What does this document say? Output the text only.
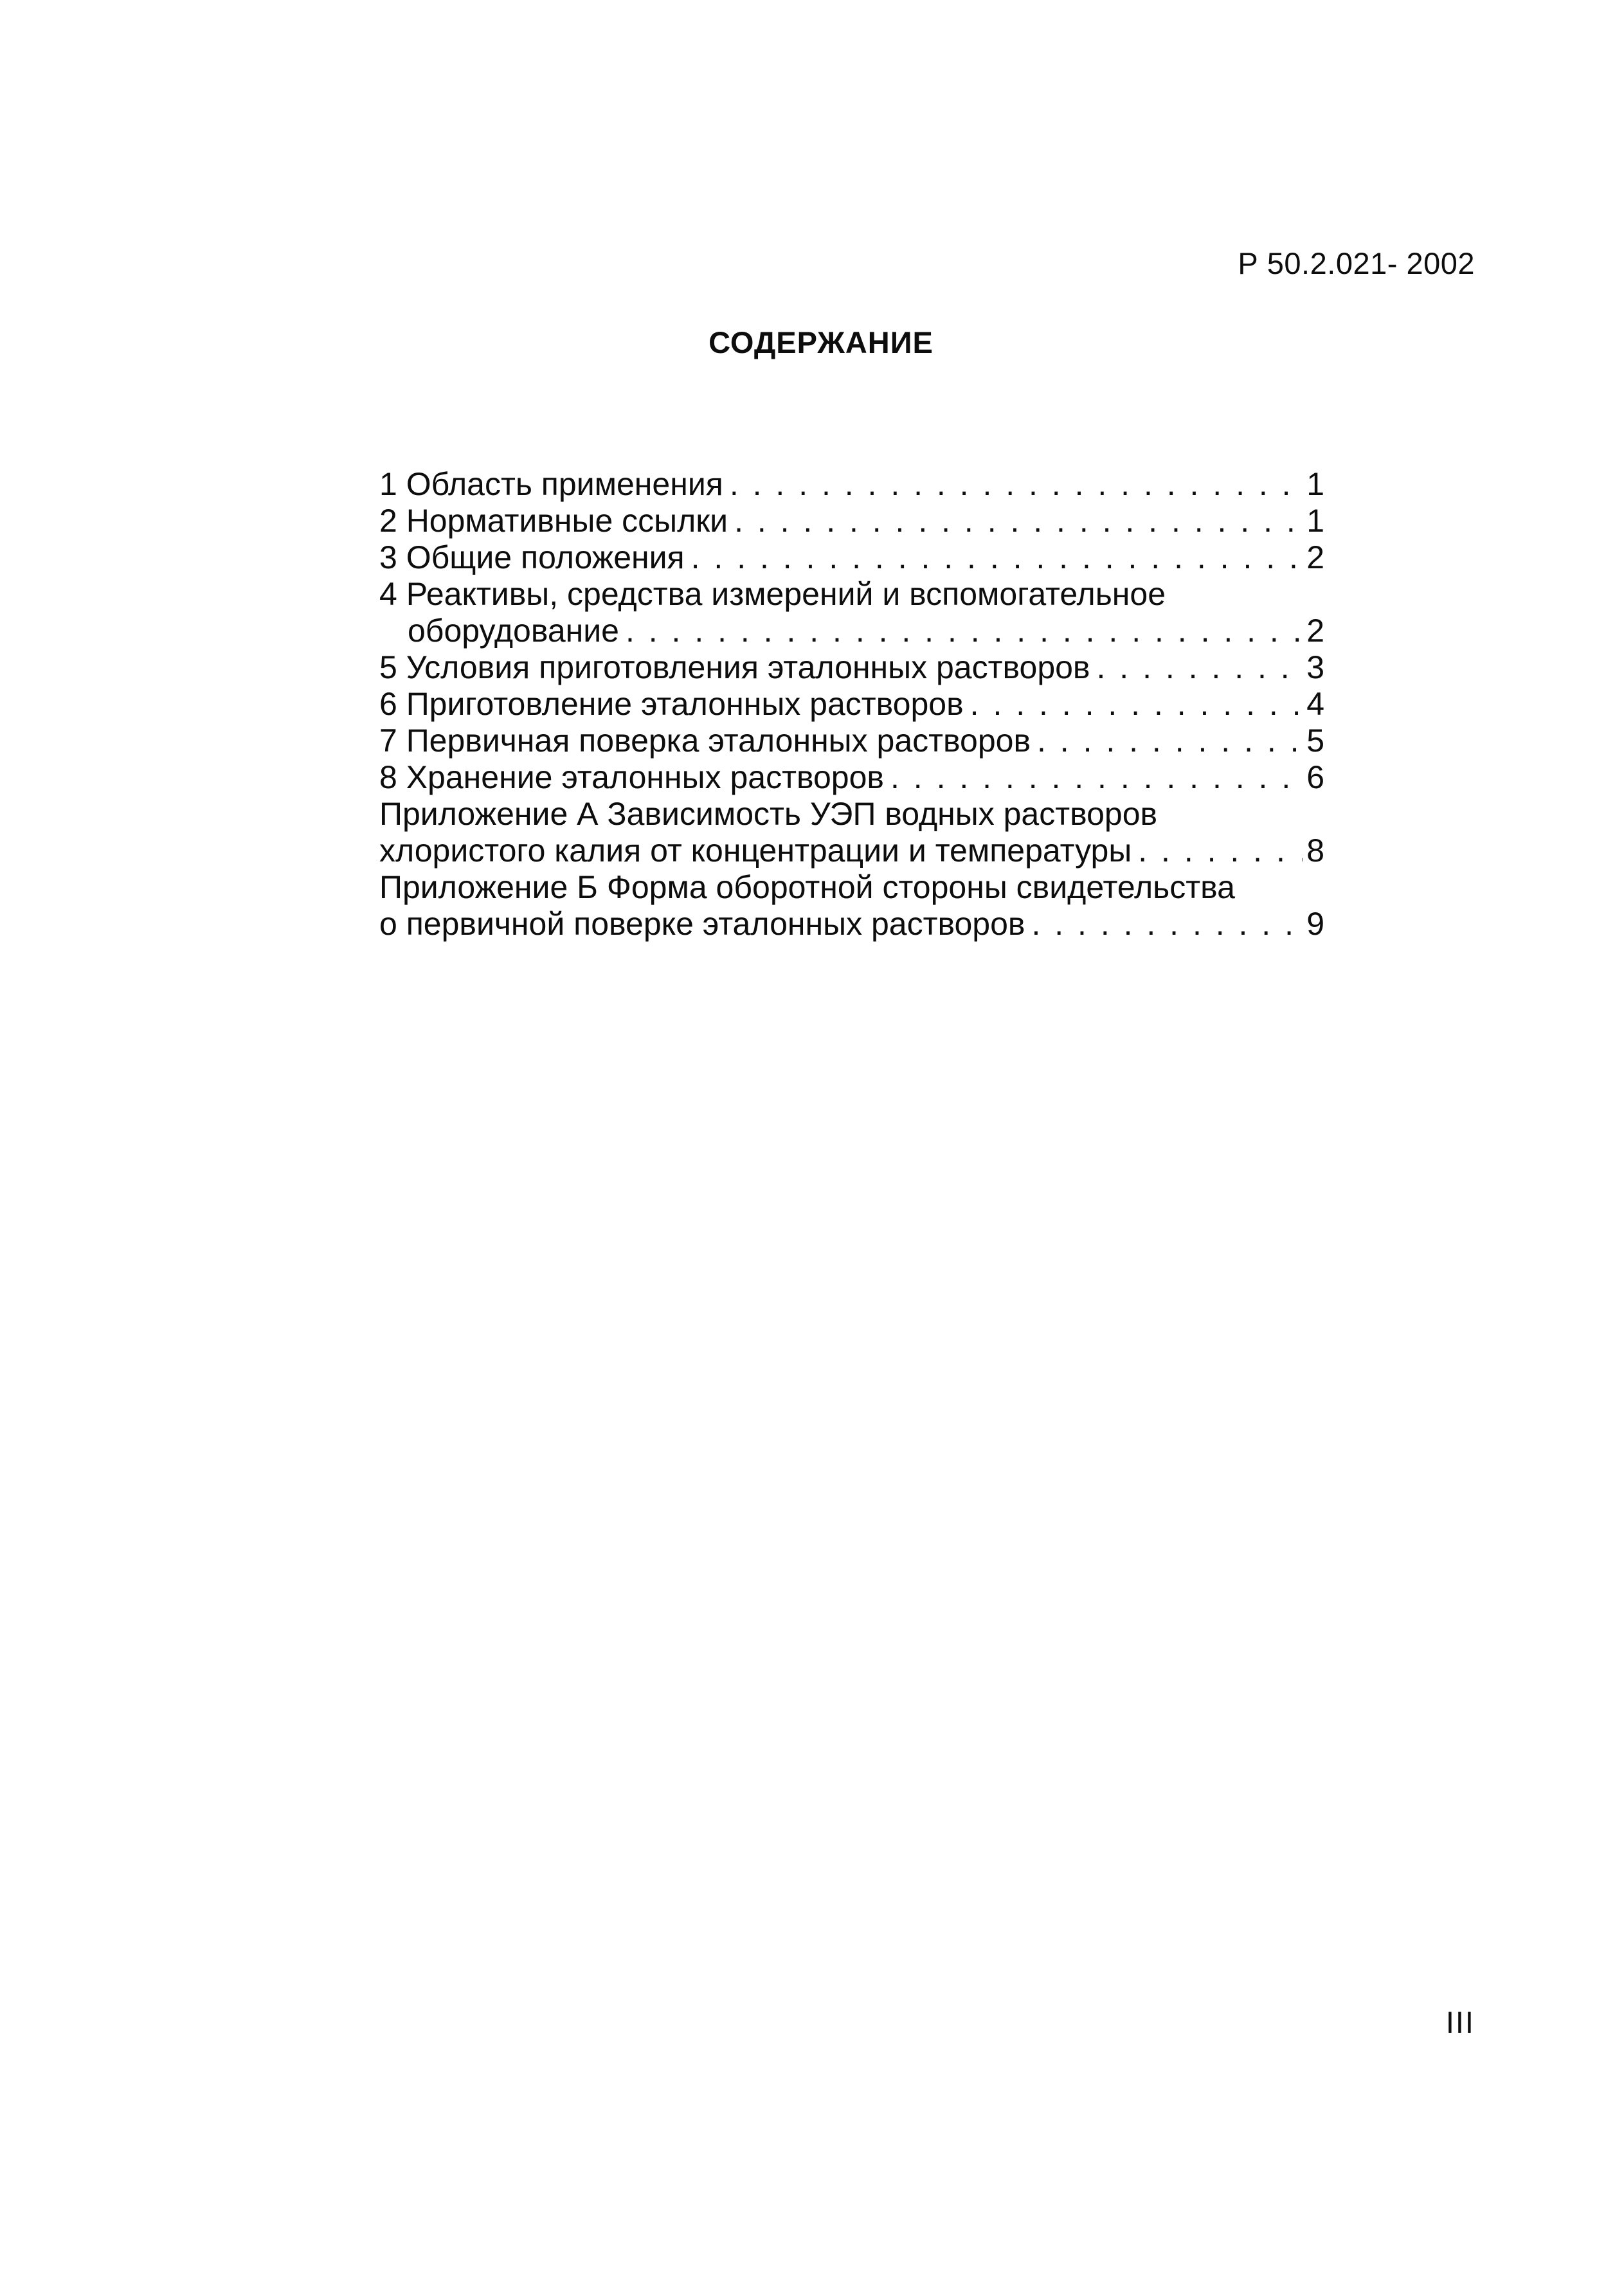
Р 50.2.021- 2002
СОДЕРЖАНИЕ
1 Область применения . . .	1
2 Нормативные ссылки . . .	1
3 Общие положения . . .	2
4 Реактивы, средства измерений и вспомогательное
оборудование . . .	2
5 Условия приготовления эталонных растворов . . .	3
6 Приготовление эталонных растворов . . .	4
7 Первичная поверка эталонных растворов . . .	5
8 Хранение эталонных растворов . . .	6
Приложение А Зависимость УЭП водных растворов
хлористого калия от концентрации и температуры . . .	8
Приложение Б Форма оборотной стороны свидетельства
о первичной поверке эталонных растворов . . .	9
III
